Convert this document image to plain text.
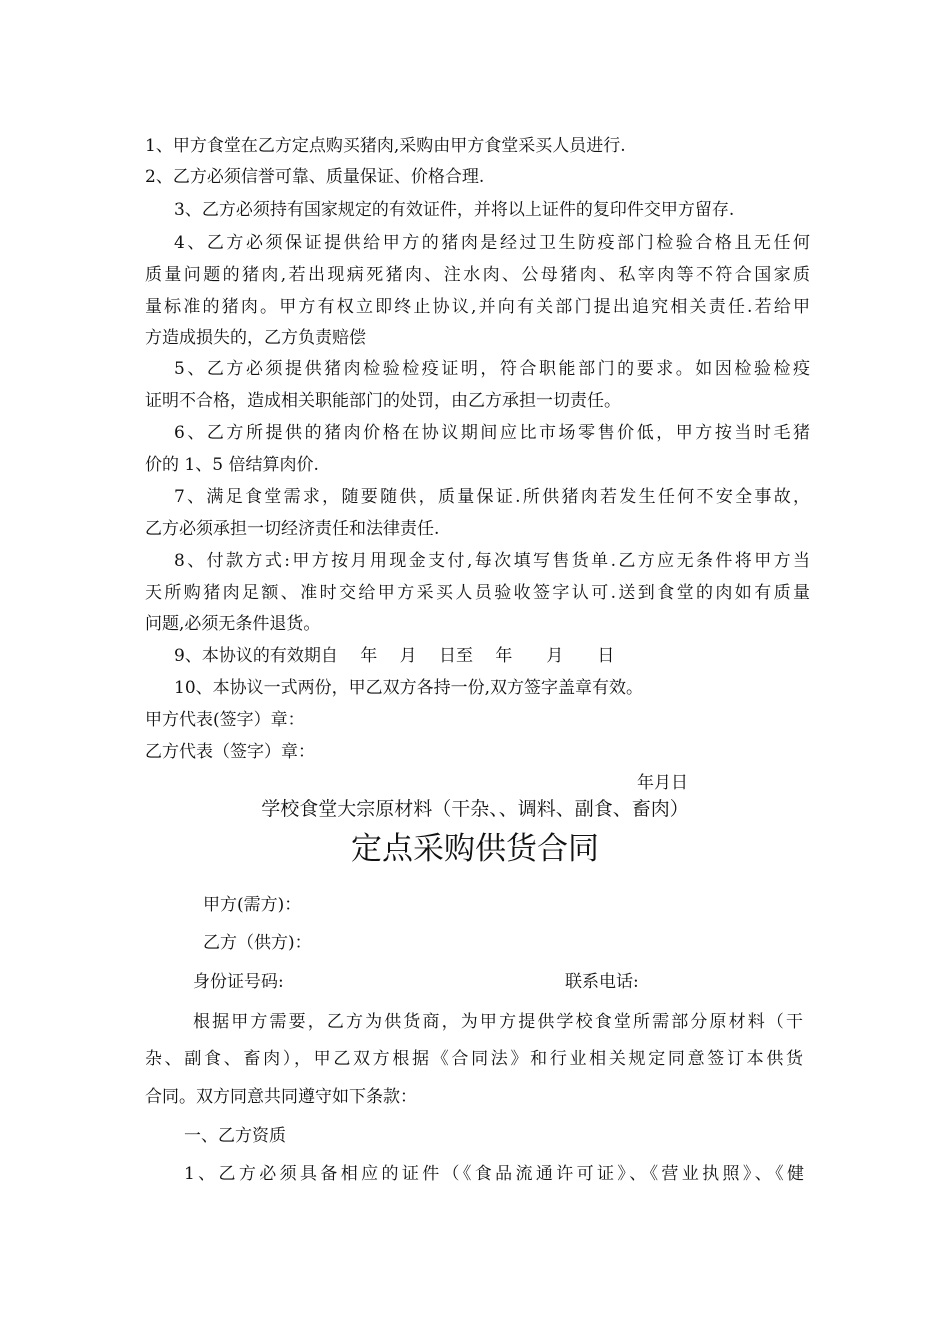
1、甲方食堂在乙方定点购买猪肉,采购由甲方食堂采买人员进行.
2、乙方必须信誉可靠、质量保证、价格合理.
3、乙方必须持有国家规定的有效证件，并将以上证件的复印件交甲方留存.
4、乙方必须保证提供给甲方的猪肉是经过卫生防疫部门检验合格且无任何
质量问题的猪肉,若出现病死猪肉、注水肉、公母猪肉、私宰肉等不符合国家质
量标准的猪肉。甲方有权立即终止协议,并向有关部门提出追究相关责任.若给甲
方造成损失的，乙方负责赔偿
5、乙方必须提供猪肉检验检疫证明，符合职能部门的要求。如因检验检疫
证明不合格，造成相关职能部门的处罚，由乙方承担一切责任。
6、乙方所提供的猪肉价格在协议期间应比市场零售价低，甲方按当时毛猪
价的 1、5 倍结算肉价.
7、满足食堂需求，随要随供，质量保证.所供猪肉若发生任何不安全事故，
乙方必须承担一切经济责任和法律责任.
8、付款方式:甲方按月用现金支付,每次填写售货单.乙方应无条件将甲方当
天所购猪肉足额、准时交给甲方采买人员验收签字认可.送到食堂的肉如有质量
问题,必须无条件退货。
9、本协议的有效期自　 年　 月　 日至　 年　　月　　日
10、本协议一式两份，甲乙双方各持一份,双方签字盖章有效。
甲方代表(签字）章：
乙方代表（签字）章：
年月日
学校食堂大宗原材料（干杂、、调料、副食、畜肉）
定点采购供货合同
甲方(需方)：
乙方（供方)：
身份证号码:	联系电话:
根据甲方需要，乙方为供货商，为甲方提供学校食堂所需部分原材料（干
杂、副食、畜肉），甲乙双方根据《合同法》和行业相关规定同意签订本供货
合同。双方同意共同遵守如下条款：
一、乙方资质
1、乙方必须具备相应的证件（《食品流通许可证》、《营业执照》、《健
